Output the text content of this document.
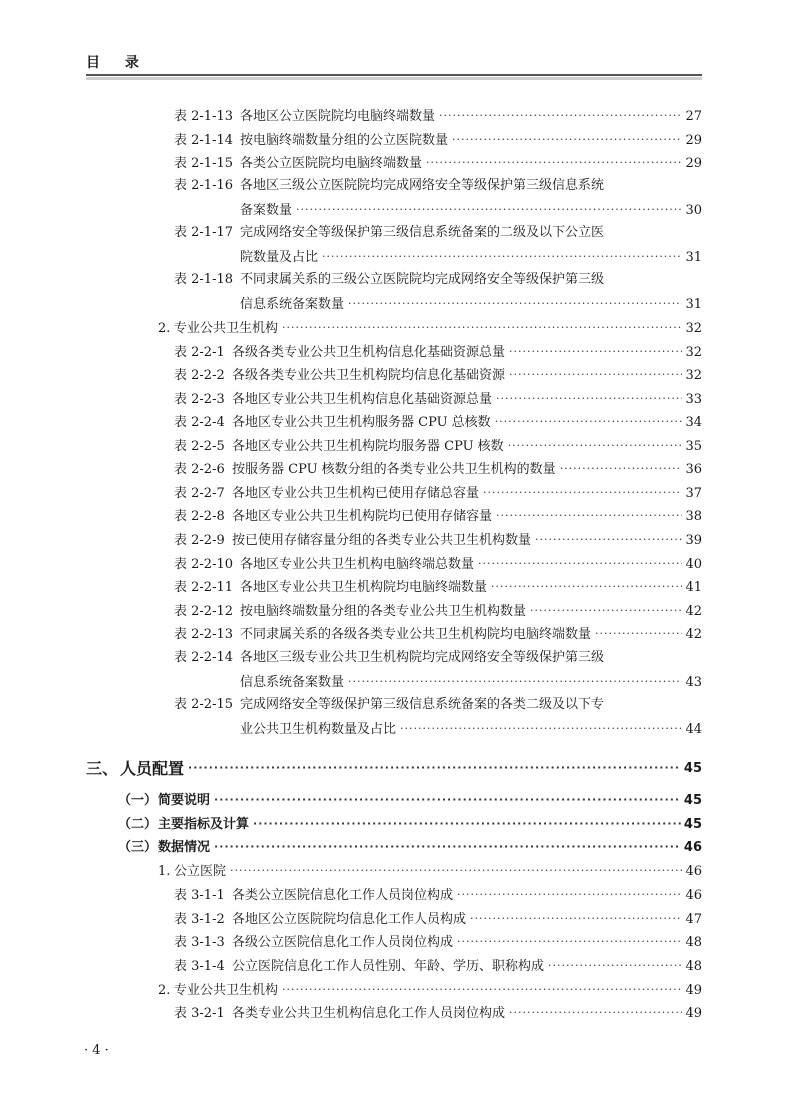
目 录
表 2-1-13 各地区公立医院院均电脑终端数量 ·····	27
表 2-1-14 按电脑终端数量分组的公立医院数量 ·····	29
表 2-1-15 各类公立医院院均电脑终端数量 ·····	29
表 2-1-16 各地区三级公立医院院均完成网络安全等级保护第三级信息系统
备案数量 ·····	30
表 2-1-17 完成网络安全等级保护第三级信息系统备案的二级及以下公立医
院数量及占比 ·····	31
表 2-1-18 不同隶属关系的三级公立医院院均完成网络安全等级保护第三级
信息系统备案数量 ·····	31
2. 专业公共卫生机构 ·····	32
表 2-2-1 各级各类专业公共卫生机构信息化基础资源总量 ·····	32
表 2-2-2 各级各类专业公共卫生机构院均信息化基础资源 ·····	32
表 2-2-3 各地区专业公共卫生机构信息化基础资源总量 ·····	33
表 2-2-4 各地区专业公共卫生机构服务器 CPU 总核数 ·····	34
表 2-2-5 各地区专业公共卫生机构院均服务器 CPU 核数 ·····	35
表 2-2-6 按服务器 CPU 核数分组的各类专业公共卫生机构的数量 ·····	36
表 2-2-7 各地区专业公共卫生机构已使用存储总容量 ·····	37
表 2-2-8 各地区专业公共卫生机构院均已使用存储容量 ·····	38
表 2-2-9 按已使用存储容量分组的各类专业公共卫生机构数量 ·····	39
表 2-2-10 各地区专业公共卫生机构电脑终端总数量 ·····	40
表 2-2-11 各地区专业公共卫生机构院均电脑终端数量 ·····	41
表 2-2-12 按电脑终端数量分组的各类专业公共卫生机构数量 ·····	42
表 2-2-13 不同隶属关系的各级各类专业公共卫生机构院均电脑终端数量 ·····	42
表 2-2-14 各地区三级专业公共卫生机构院均完成网络安全等级保护第三级
信息系统备案数量 ·····	43
表 2-2-15 完成网络安全等级保护第三级信息系统备案的各类二级及以下专
业公共卫生机构数量及占比 ·····	44
三、 人员配置 ·····	45
（一） 简要说明 ·····	45
（二） 主要指标及计算 ·····	45
（三） 数据情况 ·····	46
1. 公立医院 ·····	46
表 3-1-1 各类公立医院信息化工作人员岗位构成 ·····	46
表 3-1-2 各地区公立医院院均信息化工作人员构成 ·····	47
表 3-1-3 各级公立医院信息化工作人员岗位构成 ·····	48
表 3-1-4 公立医院信息化工作人员性别、年龄、学历、职称构成 ·····	48
2. 专业公共卫生机构 ·····	49
表 3-2-1 各类专业公共卫生机构信息化工作人员岗位构成 ·····	49
· 4 ·
